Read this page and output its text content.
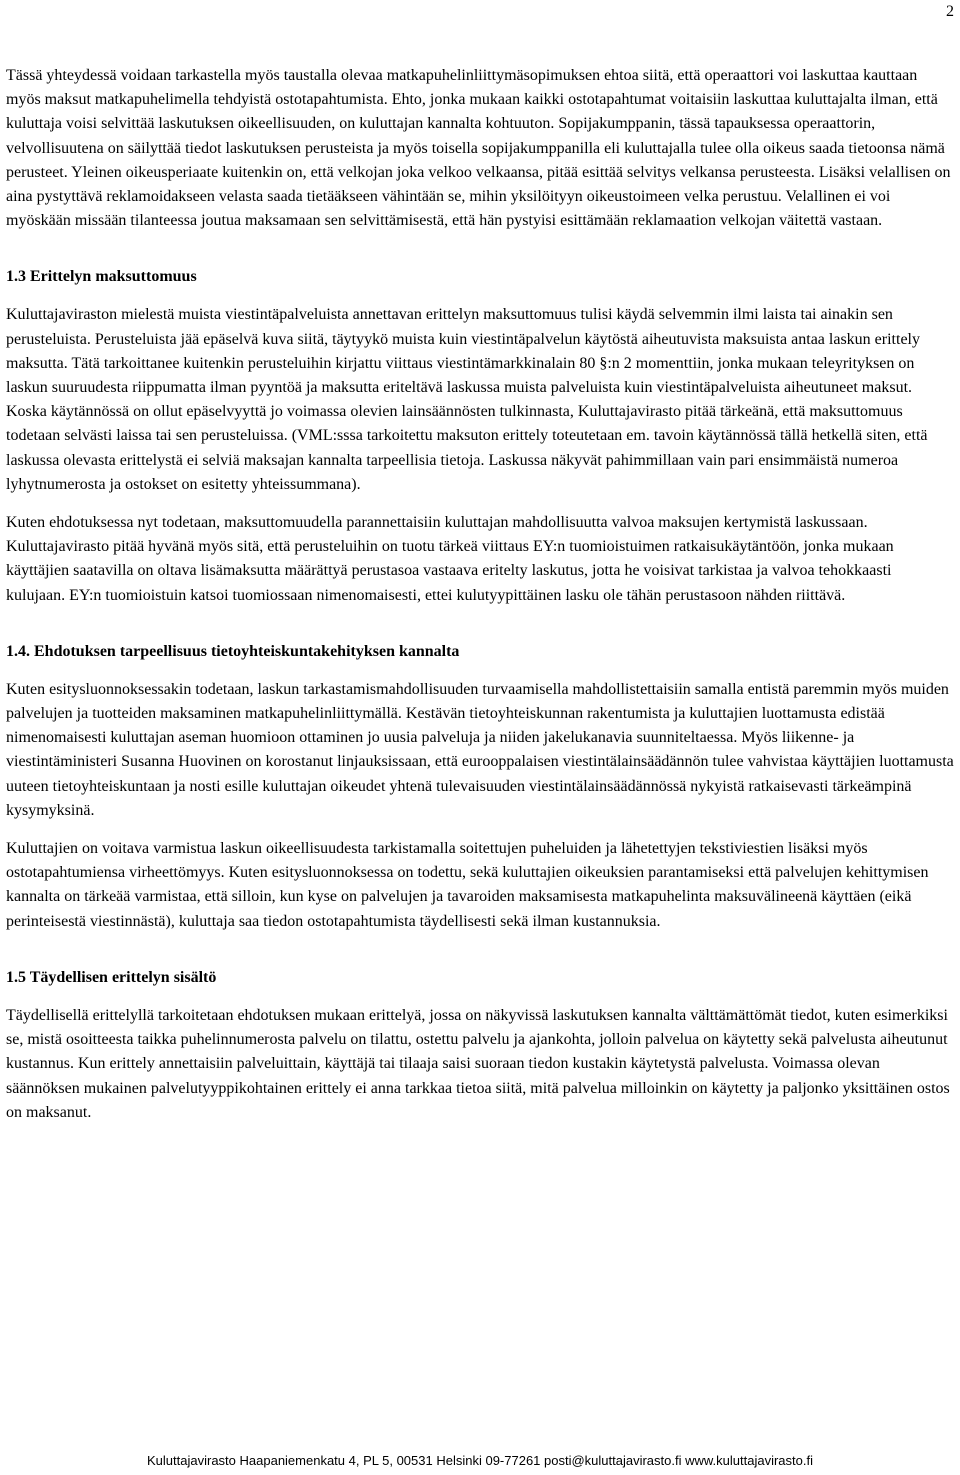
2

Tässä yhteydessä voidaan tarkastella myös taustalla olevaa matkapuhelinliittymäsopimuksen ehtoa siitä, että operaattori voi laskuttaa kauttaan myös maksut matkapuhelimella tehdyistä ostotapahtumista. Ehto, jonka mukaan kaikki ostotapahtumat voitaisiin laskuttaa kuluttajalta ilman, että kuluttaja voisi selvittää laskutuksen oikeellisuuden, on kuluttajan kannalta kohtuuton. Sopijakumppanin, tässä tapauksessa operaattorin, velvollisuutena on säilyttää tiedot laskutuksen perusteista ja myös toisella sopijakumppanilla eli kuluttajalla tulee olla oikeus saada tietoonsa nämä perusteet. Yleinen oikeusperiaate kuitenkin on, että velkojan joka velkoo velkaansa, pitää esittää selvitys velkansa perusteesta. Lisäksi velallisen on aina pystyttävä reklamoidakseen velasta saada tietääkseen vähintään se, mihin yksilöityyn oikeustoimeen velka perustuu. Velallinen ei voi myöskään missään tilanteessa joutua maksamaan sen selvittämisestä, että hän pystyisi esittämään reklamaation velkojan väitettä vastaan.

1.3 Erittelyn maksuttomuus

Kuluttajaviraston mielestä muista viestintäpalveluista annettavan erittelyn maksuttomuus tulisi käydä selvemmin ilmi laista tai ainakin sen perusteluista. Perusteluista jää epäselvä kuva siitä, täytyykö muista kuin viestintäpalvelun käytöstä aiheutuvista maksuista antaa laskun erittely maksutta. Tätä tarkoittanee kuitenkin perusteluihin kirjattu viittaus viestintämarkkinalain 80 §:n 2 momenttiin, jonka mukaan teleyrityksen on laskun suuruudesta riippumatta ilman pyyntöä ja maksutta eriteltävä laskussa muista palveluista kuin viestintäpalveluista aiheutuneet maksut. Koska käytännössä on ollut epäselvyyttä jo voimassa olevien lainsäännösten tulkinnasta, Kuluttajavirasto pitää tärkeänä, että maksuttomuus todetaan selvästi laissa tai sen perusteluissa. (VML:sssa tarkoitettu maksuton erittely toteutetaan em. tavoin käytännössä tällä hetkellä siten, että laskussa olevasta erittelystä ei selviä maksajan kannalta tarpeellisia tietoja. Laskussa näkyvät pahimmillaan vain pari ensimmäistä numeroa lyhytnumerosta ja ostokset on esitetty yhteissummana).

Kuten ehdotuksessa nyt todetaan, maksuttomuudella parannettaisiin kuluttajan mahdollisuutta valvoa maksujen kertymistä laskussaan. Kuluttajavirasto pitää hyvänä myös sitä, että perusteluihin on tuotu tärkeä viittaus EY:n tuomioistuimen ratkaisukäytäntöön, jonka mukaan käyttäjien saatavilla on oltava lisämaksutta määrättyä perustasoa vastaava eritelty laskutus, jotta he voisivat tarkistaa ja valvoa tehokkaasti kulujaan. EY:n tuomioistuin katsoi tuomiossaan nimenomaisesti, ettei kulutyypittäinen lasku ole tähän perustasoon nähden riittävä.

1.4. Ehdotuksen tarpeellisuus tietoyhteiskuntakehityksen kannalta

Kuten esitysluonnoksessakin todetaan, laskun tarkastamismahdollisuuden turvaamisella mahdollistettaisiin samalla entistä paremmin myös muiden palvelujen ja tuotteiden maksaminen matkapuhelinliittymällä. Kestävän tietoyhteiskunnan rakentumista ja kuluttajien luottamusta edistää nimenomaisesti kuluttajan aseman huomioon ottaminen jo uusia palveluja ja niiden jakelukanavia suunniteltaessa. Myös liikenne- ja viestintäministeri Susanna Huovinen on korostanut linjauksissaan, että eurooppalaisen viestintälainsäädännön tulee vahvistaa käyttäjien luottamusta uuteen tietoyhteiskuntaan ja nosti esille kuluttajan oikeudet yhtenä tulevaisuuden viestintälainsäädännössä nykyistä ratkaisevasti tärkeämpinä kysymyksinä.

Kuluttajien on voitava varmistua laskun oikeellisuudesta tarkistamalla soitettujen puheluiden ja lähetettyjen tekstiviestien lisäksi myös ostotapahtumiensa virheettömyys. Kuten esitysluonnoksessa on todettu, sekä kuluttajien oikeuksien parantamiseksi että palvelujen kehittymisen kannalta on tärkeää varmistaa, että silloin, kun kyse on palvelujen ja tavaroiden maksamisesta matkapuhelinta maksuvälineenä käyttäen (eikä perinteisestä viestinnästä), kuluttaja saa tiedon ostotapahtumista täydellisesti sekä ilman kustannuksia.

1.5 Täydellisen erittelyn sisältö

Täydellisellä erittelyllä tarkoitetaan ehdotuksen mukaan erittelyä, jossa on näkyvissä laskutuksen kannalta välttämättömät tiedot, kuten esimerkiksi se, mistä osoitteesta taikka puhelinnumerosta palvelu on tilattu, ostettu palvelu ja ajankohta, jolloin palvelua on käytetty sekä palvelusta aiheutunut kustannus. Kun erittely annettaisiin palveluittain, käyttäjä tai tilaaja saisi suoraan tiedon kustakin käytetystä palvelusta. Voimassa olevan säännöksen mukainen palvelutyyppikohtainen erittely ei anna tarkkaa tietoa siitä, mitä palvelua milloinkin on käytetty ja paljonko yksittäinen ostos on maksanut.

Kuluttajavirasto Haapaniemenkatu 4, PL 5, 00531 Helsinki 09-77261 posti@kuluttajavirasto.fi www.kuluttajavirasto.fi
